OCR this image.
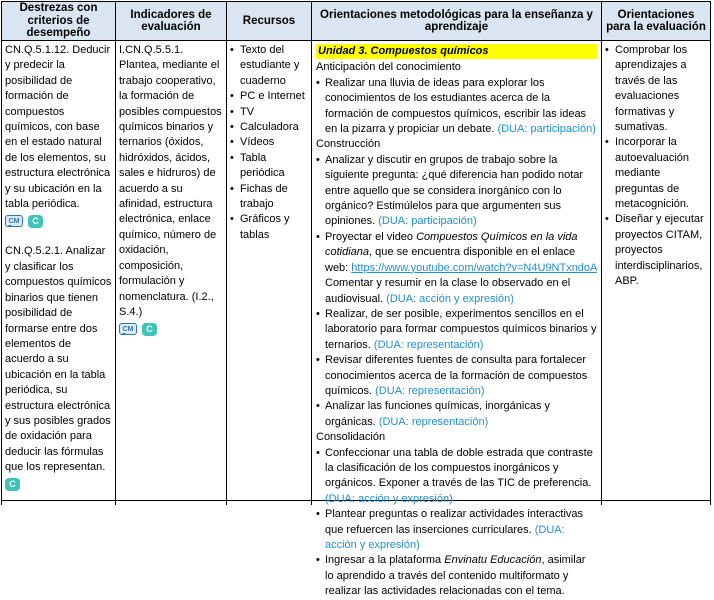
Destrezas con criterios de desempeño
Indicadores de evaluación
Recursos
Orientaciones metodológicas para la enseñanza y aprendizaje
Orientaciones para la evaluación
CN.Q.5.1.12. Deducir y predecir la posibilidad de formación de compuestos químicos, con base en el estado natural de los elementos, su estructura electrónica y su ubicación en la tabla periódica.
CM	C
CN.Q.5.2.1. Analizar y clasificar los compuestos químicos binarios que tienen posibilidad de formarse entre dos elementos de acuerdo a su ubicación en la tabla periódica, su estructura electrónica y sus posibles grados de oxidación para deducir las fórmulas que los representan.
C
I.CN.Q.5.5.1. Plantea, mediante el trabajo cooperativo, la formación de posibles compuestos químicos binarios y ternarios (óxidos, hidróxidos, ácidos, sales e hidruros) de acuerdo a su afinidad, estructura electrónica, enlace químico, número de oxidación, composición, formulación y nomenclatura. (I.2., S.4.)
CM	C
• Texto del estudiante y cuaderno
• PC e Internet
• TV
• Calculadora
• Vídeos
• Tabla periódica
• Fichas de trabajo
• Gráficos y tablas
Unidad 3. Compuestos químicos
Anticipación del conocimiento
• Realizar una lluvia de ideas para explorar los conocimientos de los estudiantes acerca de la formación de compuestos químicos, escribir las ideas en la pizarra y propiciar un debate. (DUA: participación)
Construcción
• Analizar y discutir en grupos de trabajo sobre la siguiente pregunta: ¿qué diferencia han podido notar entre aquello que se considera inorgánico con lo orgánico? Estimúlelos para que argumenten sus opiniones. (DUA: participación)
• Proyectar el video Compuestos Químicos en la vida cotidiana, que se encuentra disponible en el enlace web: https://www.youtube.com/watch?v=N4U9NTxndoA Comentar y resumir en la clase lo observado en el audiovisual. (DUA: acción y expresión)
• Realizar, de ser posible, experimentos sencillos en el laboratorio para formar compuestos químicos binarios y ternarios. (DUA: representación)
• Revisar diferentes fuentes de consulta para fortalecer conocimientos acerca de la formación de compuestos químicos. (DUA: representación)
• Analizar las funciones químicas, inorgánicas y orgánicas. (DUA: representación)
Consolidación
• Confeccionar una tabla de doble estrada que contraste la clasificación de los compuestos inorgánicos y orgánicos. Exponer a través de las TIC de preferencia. (DUA: acción y expresión)
• Plantear preguntas o realizar actividades interactivas que refuercen las inserciones curriculares. (DUA: acción y expresión)
• Ingresar a la plataforma Envinatu Educación, asimilar lo aprendido a través del contenido multiformato y realizar las actividades relacionadas con el tema.
• Comprobar los aprendizajes a través de las evaluaciones formativas y sumativas.
• Incorporar la autoevaluación mediante preguntas de metacognición.
• Diseñar y ejecutar proyectos CITAM, proyectos interdisciplinarios, ABP.
